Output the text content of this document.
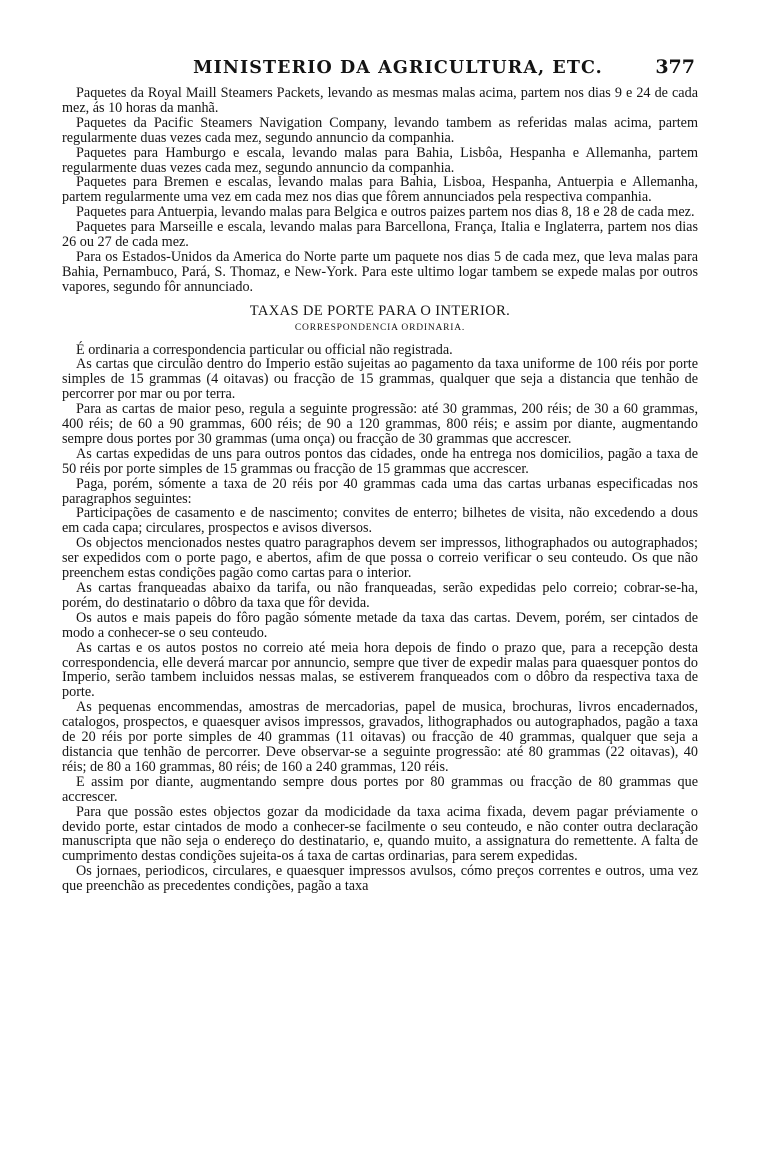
MINISTERIO DA AGRICULTURA, ETC.	377

Paquetes da Royal Maill Steamers Packets, levando as mesmas malas acima, partem nos dias 9 e 24 de cada mez, ás 10 horas da manhã.

Paquetes da Pacific Steamers Navigation Company, levando tambem as referidas malas acima, partem regularmente duas vezes cada mez, segundo annuncio da companhia.

Paquetes para Hamburgo e escala, levando malas para Bahia, Lisbôa, Hespanha e Allemanha, partem regularmente duas vezes cada mez, segundo annuncio da companhia.

Paquetes para Bremen e escalas, levando malas para Bahia, Lisboa, Hespanha, Antuerpia e Allemanha, partem regularmente uma vez em cada mez nos dias que fôrem annunciados pela respectiva companhia.

Paquetes para Antuerpia, levando malas para Belgica e outros paizes partem nos dias 8, 18 e 28 de cada mez.

Paquetes para Marseille e escala, levando malas para Barcellona, França, Italia e Inglaterra, partem nos dias 26 ou 27 de cada mez.

Para os Estados-Unidos da America do Norte parte um paquete nos dias 5 de cada mez, que leva malas para Bahia, Pernambuco, Pará, S. Thomaz, e New-York. Para este ultimo logar tambem se expede malas por outros vapores, segundo fôr annunciado.

TAXAS DE PORTE PARA O INTERIOR.
CORRESPONDENCIA ORDINARIA.

É ordinaria a correspondencia particular ou official não registrada.

As cartas que circulão dentro do Imperio estão sujeitas ao pagamento da taxa uniforme de 100 réis por porte simples de 15 grammas (4 oitavas) ou fracção de 15 grammas, qualquer que seja a distancia que tenhão de percorrer por mar ou por terra.

Para as cartas de maior peso, regula a seguinte progressão: até 30 grammas, 200 réis; de 30 a 60 grammas, 400 réis; de 60 a 90 grammas, 600 réis; de 90 a 120 grammas, 800 réis; e assim por diante, augmentando sempre dous portes por 30 grammas (uma onça) ou fracção de 30 grammas que accrescer.

As cartas expedidas de uns para outros pontos das cidades, onde ha entrega nos domicilios, pagão a taxa de 50 réis por porte simples de 15 grammas ou fracção de 15 grammas que accrescer.

Paga, porém, sómente a taxa de 20 réis por 40 grammas cada uma das cartas urbanas especificadas nos paragraphos seguintes:

Participações de casamento e de nascimento; convites de enterro; bilhetes de visita, não excedendo a dous em cada capa; circulares, prospectos e avisos diversos.

Os objectos mencionados nestes quatro paragraphos devem ser impressos, lithographados ou autographados; ser expedidos com o porte pago, e abertos, afim de que possa o correio verificar o seu conteudo. Os que não preenchem estas condições pagão como cartas para o interior.

As cartas franqueadas abaixo da tarifa, ou não franqueadas, serão expedidas pelo correio; cobrar-se-ha, porém, do destinatario o dôbro da taxa que fôr devida.

Os autos e mais papeis do fôro pagão sómente metade da taxa das cartas. Devem, porém, ser cintados de modo a conhecer-se o seu conteudo.

As cartas e os autos postos no correio até meia hora depois de findo o prazo que, para a recepção desta correspondencia, elle deverá marcar por annuncio, sempre que tiver de expedir malas para quaesquer pontos do Imperio, serão tambem incluidos nessas malas, se estiverem franqueados com o dôbro da respectiva taxa de porte.

As pequenas encommendas, amostras de mercadorias, papel de musica, brochuras, livros encadernados, catalogos, prospectos, e quaesquer avisos impressos, gravados, lithographados ou autographados, pagão a taxa de 20 réis por porte simples de 40 grammas (11 oitavas) ou fracção de 40 grammas, qualquer que seja a distancia que tenhão de percorrer. Deve observar-se a seguinte progressão: até 80 grammas (22 oitavas), 40 réis; de 80 a 160 grammas, 80 réis; de 160 a 240 grammas, 120 réis.

E assim por diante, augmentando sempre dous portes por 80 grammas ou fracção de 80 grammas que accrescer.

Para que possão estes objectos gozar da modicidade da taxa acima fixada, devem pagar préviamente o devido porte, estar cintados de modo a conhecer-se facilmente o seu conteudo, e não conter outra declaração manuscripta que não seja o endereço do destinatario, e, quando muito, a assignatura do remettente. A falta de cumprimento destas condições sujeita-os á taxa de cartas ordinarias, para serem expedidas.

Os jornaes, periodicos, circulares, e quaesquer impressos avulsos, cómo preços correntes e outros, uma vez que preenchão as precedentes condições, pagão a taxa
